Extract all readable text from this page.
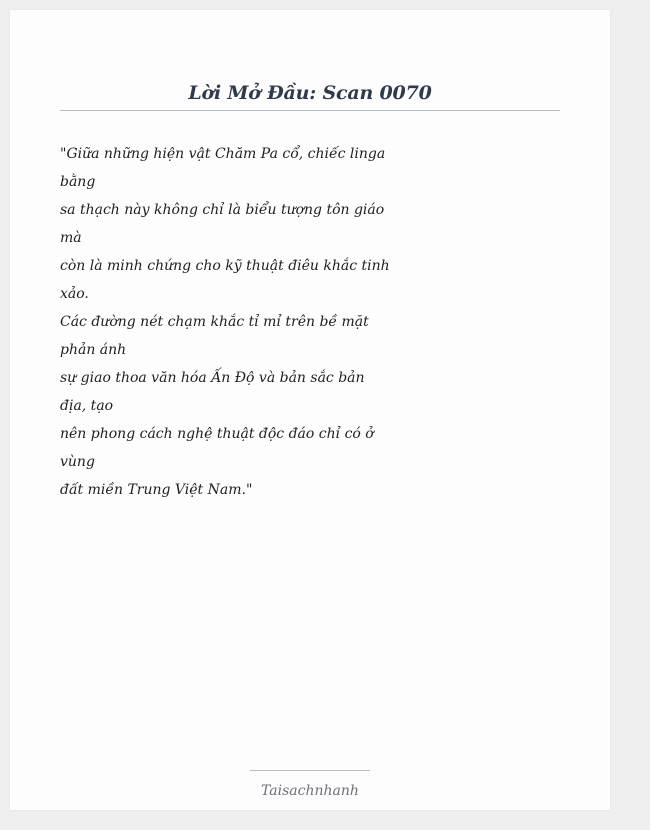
Lời Mở Đầu: Scan 0070
"Giữa những hiện vật Chăm Pa cổ, chiếc linga
bằng
sa thạch này không chỉ là biểu tượng tôn giáo
mà
còn là minh chứng cho kỹ thuật điêu khắc tinh
xảo.
Các đường nét chạm khắc tỉ mỉ trên bề mặt
phản ánh
sự giao thoa văn hóa Ấn Độ và bản sắc bản
địa, tạo
nên phong cách nghệ thuật độc đáo chỉ có ở
vùng
đất miền Trung Việt Nam."
Taisachnhanh
